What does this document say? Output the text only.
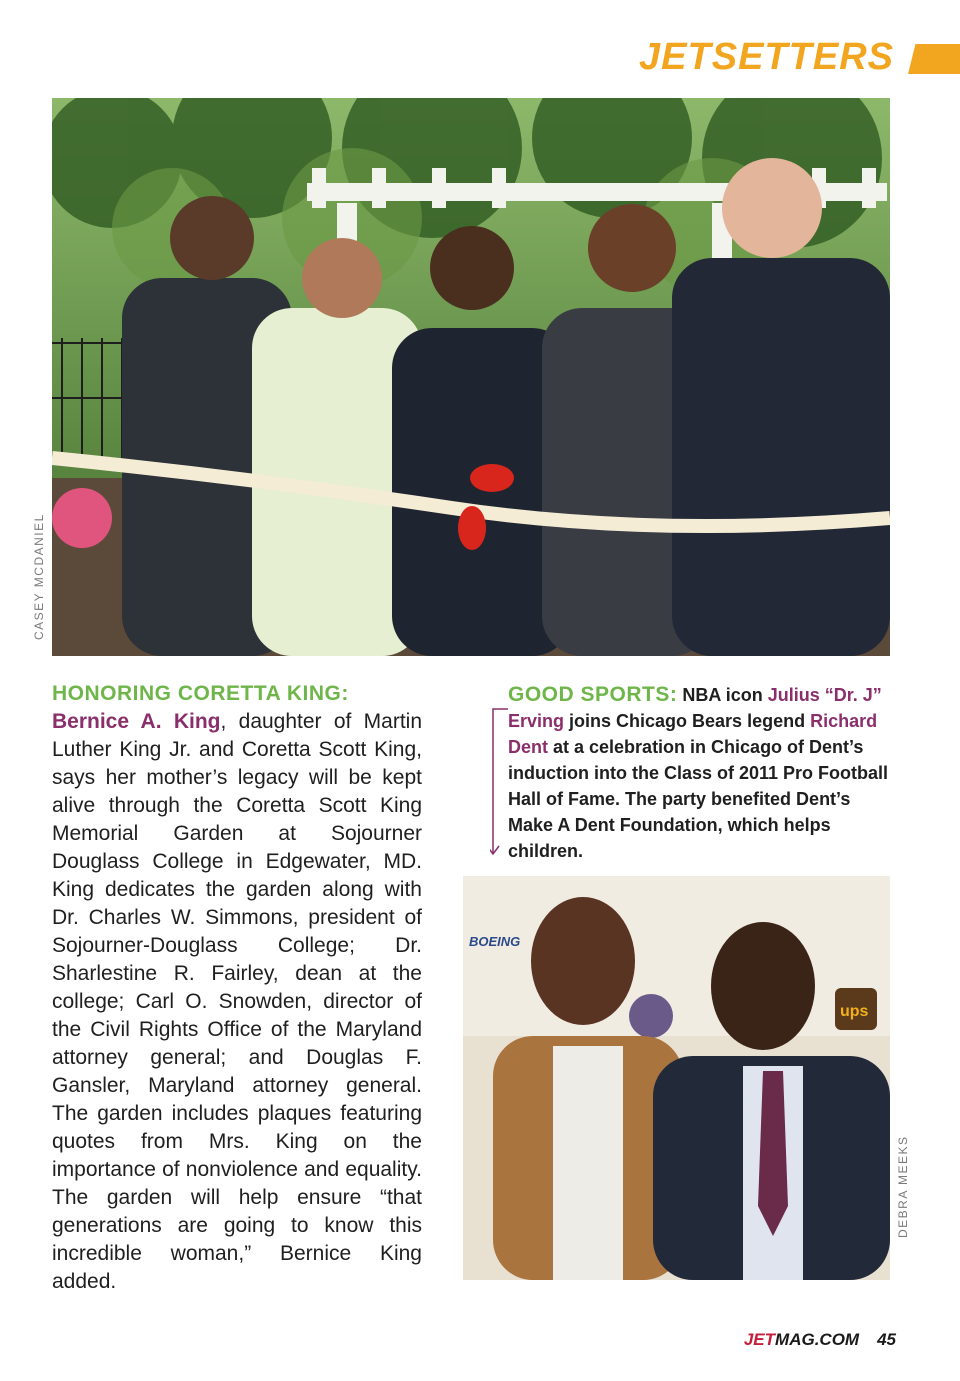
JETSETTERS
CASEY MCDANIEL
HONORING CORETTA KING:
Bernice A. King, daughter of Martin Luther King Jr. and Coretta Scott King, says her mother’s legacy will be kept alive through the Coretta Scott King Memorial Garden at Sojourner Douglass College in Edgewater, MD. King dedicates the garden along with Dr. Charles W. Simmons, president of Sojourner-Douglass College; Dr. Sharlestine R. Fairley, dean at the college; Carl O. Snowden, director of the Civil Rights Office of the Maryland attorney general; and Douglas F. Gansler, Maryland attorney general. The garden includes plaques featuring quotes from Mrs. King on the importance of nonviolence and equality. The garden will help ensure “that generations are going to know this incredible woman,” Bernice King added.
GOOD SPORTS: NBA icon Julius “Dr. J” Erving joins Chicago Bears legend Richard Dent at a celebration in Chicago of Dent’s induction into the Class of 2011 Pro Football Hall of Fame. The party benefited Dent’s Make A Dent Foundation, which helps children.
BOEING
ups
DEBRA MEEKS
JETMAG.COM 45
